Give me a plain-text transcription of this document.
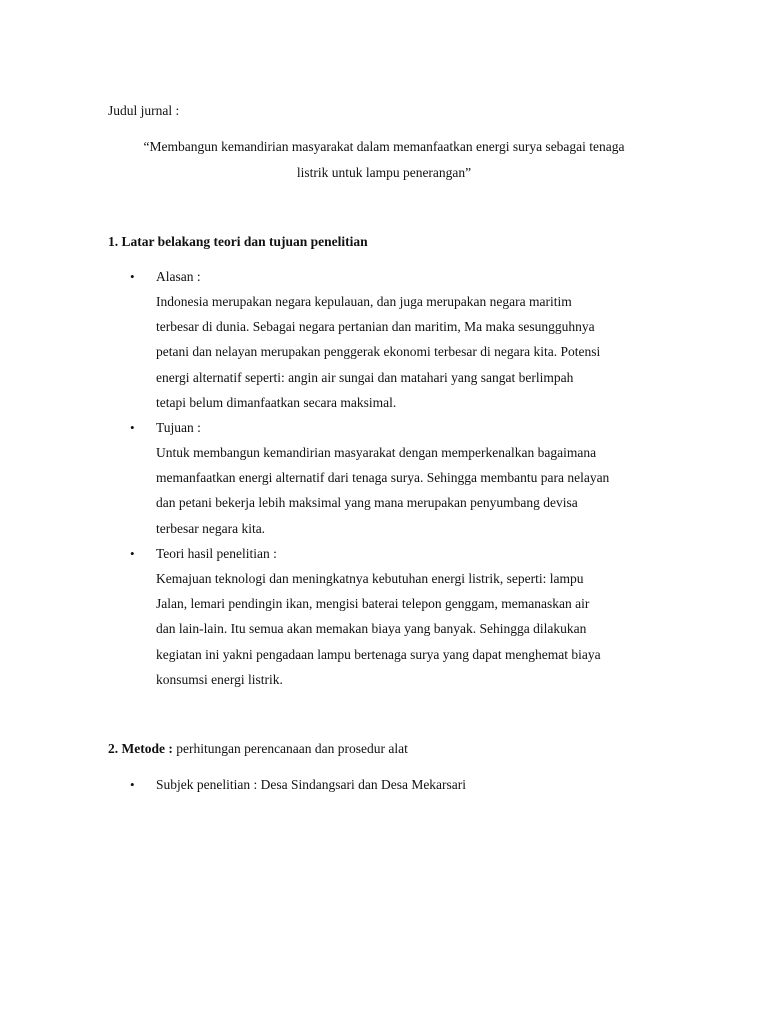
Judul jurnal :
“Membangun kemandirian masyarakat dalam memanfaatkan energi surya sebagai tenaga
listrik untuk lampu penerangan”
1. Latar belakang teori dan tujuan penelitian
• Alasan :
Indonesia merupakan negara kepulauan, dan juga merupakan negara maritim
terbesar di dunia. Sebagai negara pertanian dan maritim, Ma maka sesungguhnya
petani dan nelayan merupakan penggerak ekonomi terbesar di negara kita. Potensi
energi alternatif seperti: angin air sungai dan matahari yang sangat berlimpah
tetapi belum dimanfaatkan secara maksimal.
• Tujuan :
Untuk membangun kemandirian masyarakat dengan memperkenalkan bagaimana
memanfaatkan energi alternatif dari tenaga surya. Sehingga membantu para nelayan
dan petani bekerja lebih maksimal yang mana merupakan penyumbang devisa
terbesar negara kita.
• Teori hasil penelitian :
Kemajuan teknologi dan meningkatnya kebutuhan energi listrik, seperti: lampu
Jalan, lemari pendingin ikan, mengisi baterai telepon genggam, memanaskan air
dan lain-lain. Itu semua akan memakan biaya yang banyak. Sehingga dilakukan
kegiatan ini yakni pengadaan lampu bertenaga surya yang dapat menghemat biaya
konsumsi energi listrik.
2. Metode : perhitungan perencanaan dan prosedur alat
• Subjek penelitian : Desa Sindangsari dan Desa Mekarsari
